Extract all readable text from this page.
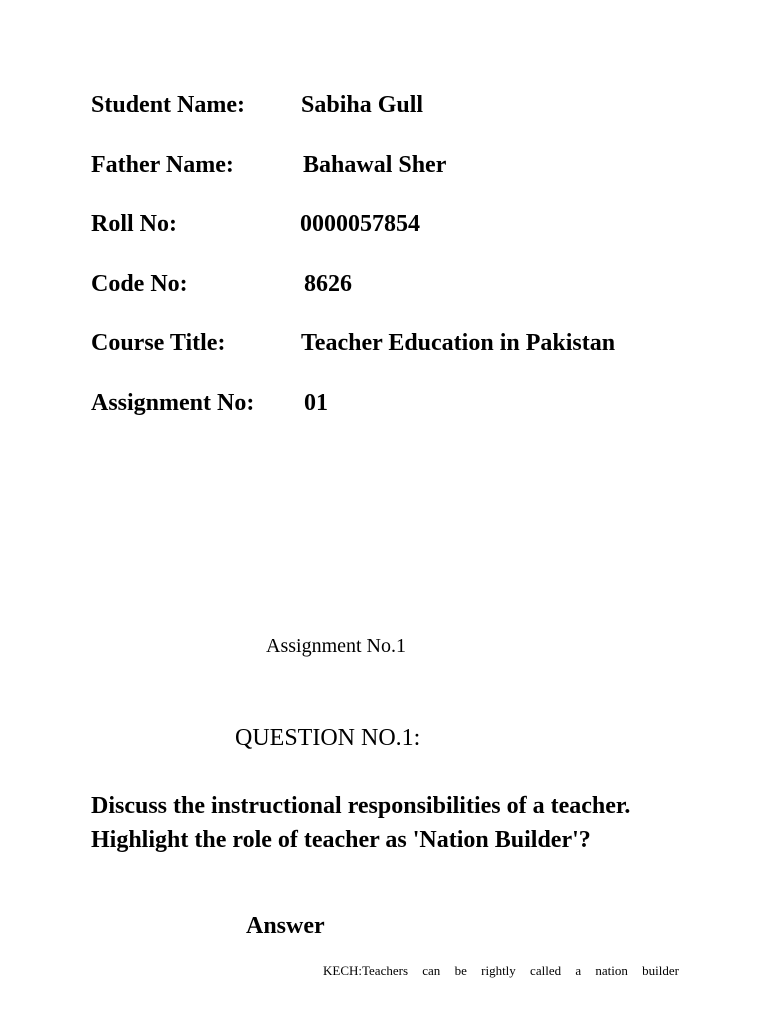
Student Name: Sabiha Gull
Father Name:	Bahawal Sher
Roll No:	0000057854
Code No:	8626
Course Title:	Teacher Education in Pakistan
Assignment No: 01
Assignment No.1
QUESTION NO.1:
Discuss the instructional responsibilities of a teacher. Highlight the role of teacher as 'Nation Builder'?
Answer
KECH:Teachers can be rightly called a nation builder
